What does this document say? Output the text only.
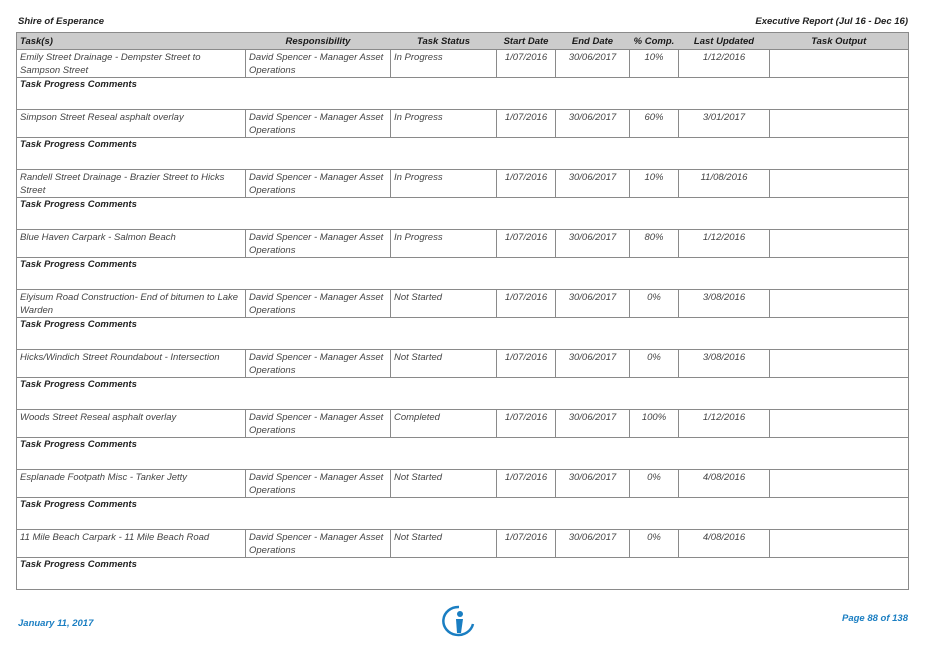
Shire of Esperance	Executive Report (Jul 16 - Dec 16)
Task(s)	Responsibility	Task Status	Start Date	End Date	% Comp.	Last Updated	Task Output
Emily Street Drainage - Dempster Street to Sampson Street	David Spencer - Manager Asset Operations	In Progress	1/07/2016	30/06/2017	10%	1/12/2016	
Task Progress Comments							
Simpson Street Reseal asphalt overlay	David Spencer - Manager Asset Operations	In Progress	1/07/2016	30/06/2017	60%	3/01/2017	
Task Progress Comments							
Randell Street Drainage - Brazier Street to Hicks Street	David Spencer - Manager Asset Operations	In Progress	1/07/2016	30/06/2017	10%	11/08/2016	
Task Progress Comments							
Blue Haven Carpark - Salmon Beach	David Spencer - Manager Asset Operations	In Progress	1/07/2016	30/06/2017	80%	1/12/2016	
Task Progress Comments							
Elyisum Road Construction- End of bitumen to Lake Warden	David Spencer - Manager Asset Operations	Not Started	1/07/2016	30/06/2017	0%	3/08/2016	
Task Progress Comments							
Hicks/Windich Street Roundabout - Intersection	David Spencer - Manager Asset Operations	Not Started	1/07/2016	30/06/2017	0%	3/08/2016	
Task Progress Comments							
Woods Street Reseal asphalt overlay	David Spencer - Manager Asset Operations	Completed	1/07/2016	30/06/2017	100%	1/12/2016	
Task Progress Comments							
Esplanade Footpath Misc - Tanker Jetty	David Spencer - Manager Asset Operations	Not Started	1/07/2016	30/06/2017	0%	4/08/2016	
Task Progress Comments							
11 Mile Beach Carpark - 11 Mile Beach Road	David Spencer - Manager Asset Operations	Not Started	1/07/2016	30/06/2017	0%	4/08/2016	
Task Progress Comments							
January 11, 2017	Page 88 of 138
